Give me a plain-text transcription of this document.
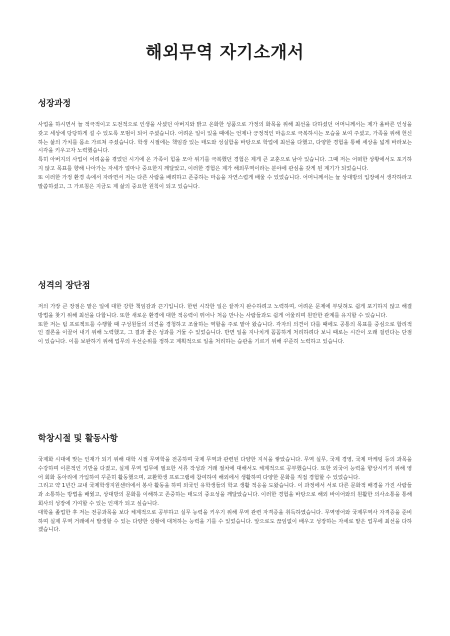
해외무역 자기소개서
성장과정

사업을 하시면서 늘 적극적이고 도전적으로 인생을 사셨던 아버지와 밝고 온화한 성품으로 가정의 화목을 위해 최선을 다하셨던 어머니께서는 제가 올바른 인성을 갖고 세상에 당당하게 설 수 있도록 모범이 되어 주셨습니다. 어려운 일이 있을 때에는 언제나 긍정적인 마음으로 극복하시는 모습을 보여 주셨고, 가족을 위해 헌신하는 삶의 가치를 몸소 가르쳐 주셨습니다. 학생 시절에는 책임감 있는 태도와 성실함을 바탕으로 학업에 최선을 다했고, 다양한 경험을 통해 세상을 넓게 바라보는 시각을 키우고자 노력했습니다.

특히 아버지의 사업이 어려움을 겪었던 시기에 온 가족이 힘을 모아 위기를 극복했던 경험은 제게 큰 교훈으로 남아 있습니다. 그때 저는 어떠한 상황에서도 포기하지 않고 목표를 향해 나아가는 자세가 얼마나 중요한지 깨달았고, 이러한 경험은 제가 해외무역이라는 분야에 관심을 갖게 된 계기가 되었습니다.

또 이러한 가정 환경 속에서 자라면서 저는 다른 사람을 배려하고 존중하는 마음을 자연스럽게 배울 수 있었습니다. 어머니께서는 늘 상대방의 입장에서 생각하라고 말씀하셨고, 그 가르침은 지금도 제 삶의 중요한 원칙이 되고 있습니다.

성격의 장단점

저의 가장 큰 장점은 맡은 일에 대한 강한 책임감과 끈기입니다. 한번 시작한 일은 끝까지 완수하려고 노력하며, 어려운 문제에 부딪혀도 쉽게 포기하지 않고 해결 방법을 찾기 위해 최선을 다합니다. 또한 새로운 환경에 대한 적응력이 뛰어나 처음 만나는 사람들과도 쉽게 어울리며 원만한 관계를 유지할 수 있습니다.

또한 저는 팀 프로젝트를 수행할 때 구성원들의 의견을 경청하고 조율하는 역할을 주로 맡아 왔습니다. 각자의 의견이 다를 때에도 공통의 목표를 중심으로 합리적인 결론을 이끌어 내기 위해 노력했고, 그 결과 좋은 성과를 거둘 수 있었습니다. 반면 일을 지나치게 꼼꼼하게 처리하려다 보니 때로는 시간이 오래 걸린다는 단점이 있습니다. 이를 보완하기 위해 업무의 우선순위를 정하고 계획적으로 일을 처리하는 습관을 기르기 위해 꾸준히 노력하고 있습니다.

학창시절 및 활동사항

국제화 시대에 맞는 인재가 되기 위해 대학 시절 무역학을 전공하며 국제 무역과 관련된 다양한 지식을 쌓았습니다. 무역 실무, 국제 경영, 국제 마케팅 등의 과목을 수강하며 이론적인 기반을 다졌고, 실제 무역 업무에 필요한 서류 작성과 거래 절차에 대해서도 체계적으로 공부했습니다. 또한 외국어 능력을 향상시키기 위해 영어 회화 동아리에 가입하여 꾸준히 활동했으며, 교환학생 프로그램에 참여하여 해외에서 생활하며 다양한 문화를 직접 경험할 수 있었습니다.

그리고 약 1년간 교내 국제학생지원센터에서 봉사 활동을 하며 외국인 유학생들의 학교 생활 적응을 도왔습니다. 이 과정에서 서로 다른 문화적 배경을 가진 사람들과 소통하는 방법을 배웠고, 상대방의 문화를 이해하고 존중하는 태도의 중요성을 깨달았습니다. 이러한 경험을 바탕으로 해외 바이어와의 원활한 의사소통을 통해 회사의 성장에 기여할 수 있는 인재가 되고 싶습니다.

대학을 졸업한 후 저는 전공과목을 보다 체계적으로 공부하고 실무 능력을 키우기 위해 무역 관련 자격증을 취득하였습니다. 무역영어와 국제무역사 자격증을 준비하며 실제 무역 거래에서 발생할 수 있는 다양한 상황에 대처하는 능력을 기를 수 있었습니다. 앞으로도 끊임없이 배우고 성장하는 자세로 맡은 업무에 최선을 다하겠습니다.
